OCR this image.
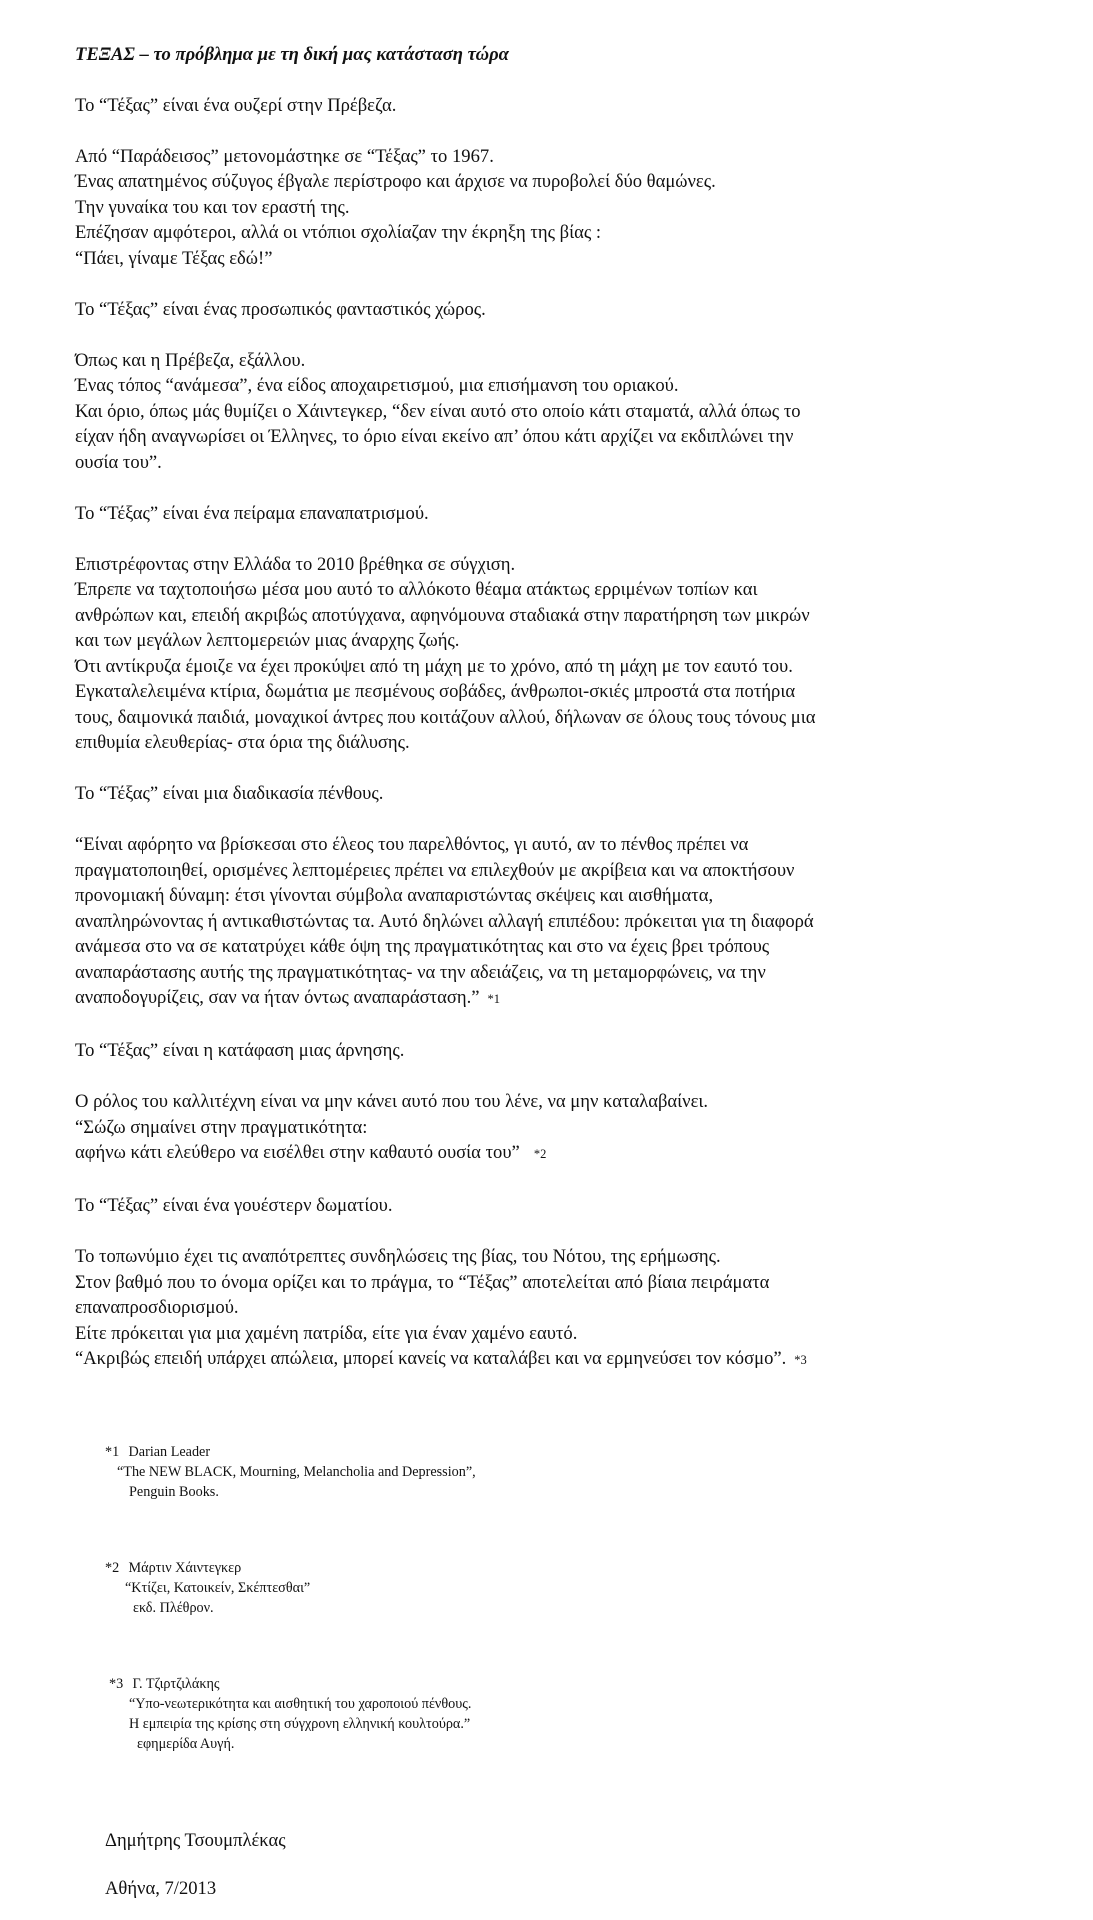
ΤΕΞΑΣ – το πρόβλημα με τη δική μας κατάσταση τώρα
Το “Τέξας” είναι ένα ουζερί στην Πρέβεζα.
Από “Παράδεισος” μετονομάστηκε σε “Τέξας” το 1967.
Ένας απατημένος σύζυγος έβγαλε περίστροφο και άρχισε να πυροβολεί δύο θαμώνες.
Την γυναίκα του και τον εραστή της.
Επέζησαν αμφότεροι, αλλά οι ντόπιοι σχολίαζαν την έκρηξη της βίας :
“Πάει, γίναμε Τέξας εδώ!”
Το “Τέξας” είναι ένας προσωπικός φανταστικός χώρος.
Όπως και η Πρέβεζα, εξάλλου.
Ένας τόπος “ανάμεσα”, ένα είδος αποχαιρετισμού, μια επισήμανση του οριακού.
Και όριο, όπως μάς θυμίζει ο Χάιντεγκερ, “δεν είναι αυτό στο οποίο κάτι σταματά, αλλά όπως το
είχαν ήδη αναγνωρίσει οι Έλληνες, το όριο είναι εκείνο απ’ όπου κάτι αρχίζει να εκδιπλώνει την
ουσία του”.
Το “Τέξας” είναι ένα πείραμα επαναπατρισμού.
Επιστρέφοντας στην Ελλάδα το 2010 βρέθηκα σε σύγχιση.
Έπρεπε να ταχτοποιήσω μέσα μου αυτό το αλλόκοτο θέαμα ατάκτως ερριμένων τοπίων και
ανθρώπων και, επειδή ακριβώς αποτύγχανα, αφηνόμουνα σταδιακά στην παρατήρηση των μικρών
και των μεγάλων λεπτομερειών μιας άναρχης ζωής.
Ότι αντίκρυζα έμοιζε να έχει προκύψει από τη μάχη με το χρόνο, από τη μάχη με τον εαυτό του.
Εγκαταλελειμένα κτίρια, δωμάτια με πεσμένους σοβάδες, άνθρωποι-σκιές μπροστά στα ποτήρια
τους, δαιμονικά παιδιά, μοναχικοί άντρες που κοιτάζουν αλλού, δήλωναν σε όλους τους τόνους μια
επιθυμία ελευθερίας- στα όρια της διάλυσης.
Το “Τέξας” είναι μια διαδικασία πένθους.
“Είναι αφόρητο να βρίσκεσαι στο έλεος του παρελθόντος, γι αυτό, αν το πένθος πρέπει να
πραγματοποιηθεί, ορισμένες λεπτομέρειες πρέπει να επιλεχθούν με ακρίβεια και να αποκτήσουν
προνομιακή δύναμη: έτσι γίνονται σύμβολα αναπαριστώντας σκέψεις και αισθήματα,
αναπληρώνοντας ή αντικαθιστώντας τα. Αυτό δηλώνει αλλαγή επιπέδου: πρόκειται για τη διαφορά
ανάμεσα στο να σε κατατρύχει κάθε όψη της πραγματικότητας και στο να έχεις βρει τρόπους
αναπαράστασης αυτής της πραγματικότητας- να την αδειάζεις, να τη μεταμορφώνεις, να την
αναποδογυρίζεις, σαν να ήταν όντως αναπαράσταση.” *1
Το “Τέξας” είναι η κατάφαση μιας άρνησης.
Ο ρόλος του καλλιτέχνη είναι να μην κάνει αυτό που του λένε, να μην καταλαβαίνει.
“Σώζω σημαίνει στην πραγματικότητα:
αφήνω κάτι ελεύθερο να εισέλθει στην καθαυτό ουσία του” *2
Το “Τέξας” είναι ένα γουέστερν δωματίου.
Το τοπωνύμιο έχει τις αναπότρεπτες συνδηλώσεις της βίας, του Νότου, της ερήμωσης.
Στον βαθμό που το όνομα ορίζει και το πράγμα, το “Τέξας” αποτελείται από βίαια πειράματα
επαναπροσδιορισμού.
Είτε πρόκειται για μια χαμένη πατρίδα, είτε για έναν χαμένο εαυτό.
“Ακριβώς επειδή υπάρχει απώλεια, μπορεί κανείς να καταλάβει και να ερμηνεύσει τον κόσμο”. *3
*1 Darian Leader
“The NEW BLACK, Mourning, Melancholia and Depression”,
Penguin Books.
*2 Μάρτιν Χάιντεγκερ
“Κτίζει, Κατοικείν, Σκέπτεσθαι”
εκδ. Πλέθρον.
*3 Γ. Τζιρτζιλάκης
“Υπο-νεωτερικότητα και αισθητική του χαροποιού πένθους.
Η εμπειρία της κρίσης στη σύγχρονη ελληνική κουλτούρα.”
εφημερίδα Αυγή.
Δημήτρης Τσουμπλέκας
Αθήνα, 7/2013
